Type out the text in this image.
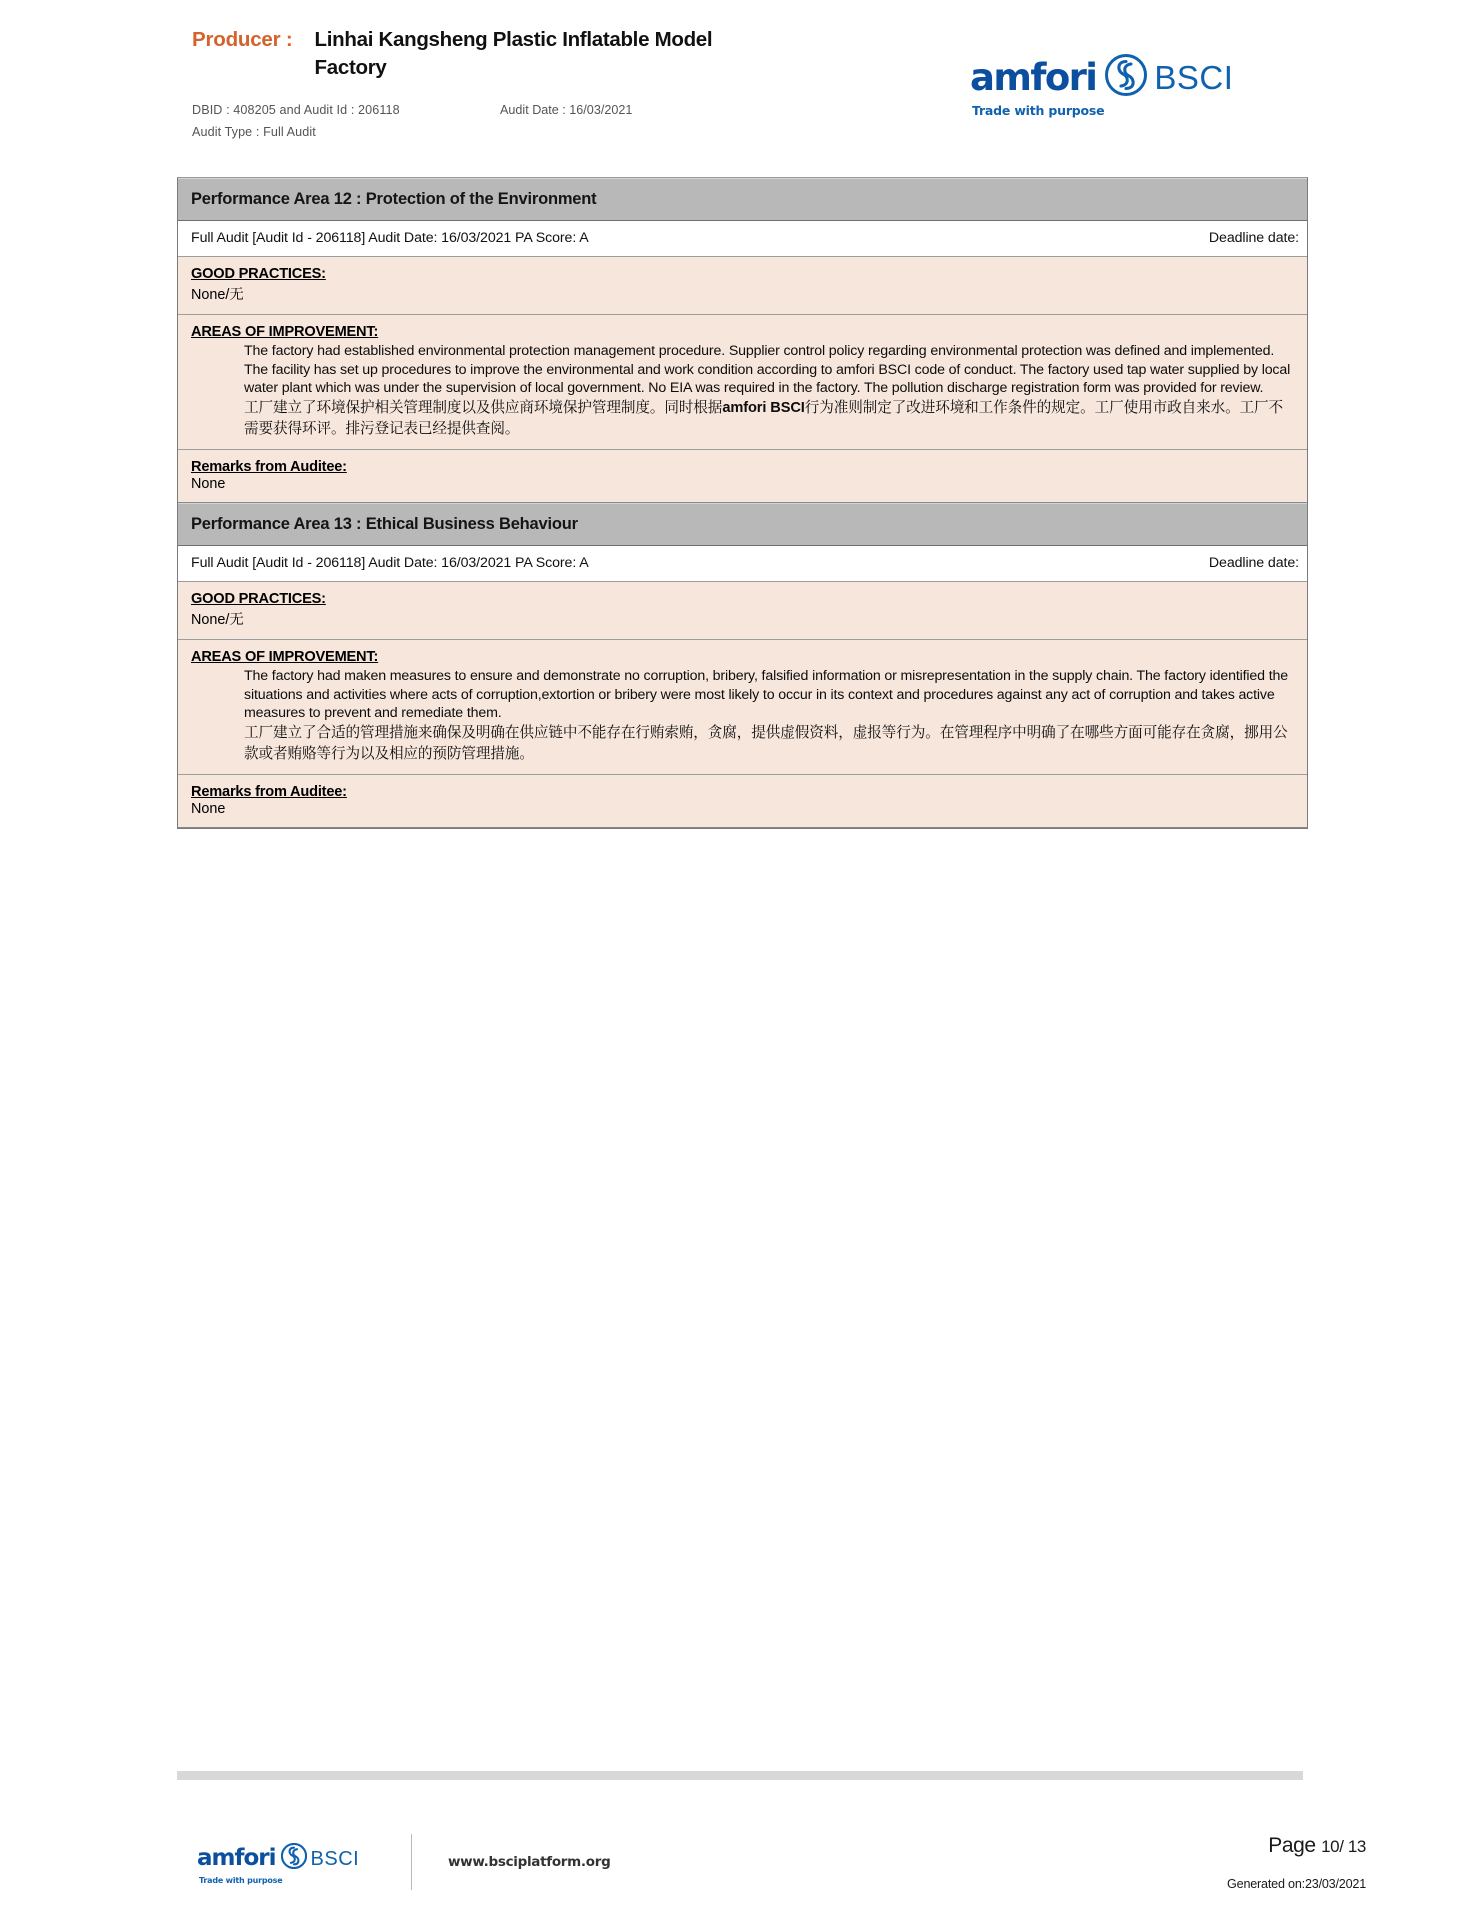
Producer : Linhai Kangsheng Plastic Inflatable Model Factory
DBID : 408205 and Audit Id : 206118	Audit Date : 16/03/2021
Audit Type : Full Audit
amfori BSCI
Trade with purpose
Performance Area 12 : Protection of the Environment
Full Audit [Audit Id - 206118] Audit Date: 16/03/2021 PA Score: A	Deadline date:
GOOD PRACTICES:
None/无
AREAS OF IMPROVEMENT:
The factory had established environmental protection management procedure. Supplier control policy regarding environmental protection was defined and implemented. The facility has set up procedures to improve the environmental and work condition according to amfori BSCI code of conduct. The factory used tap water supplied by local water plant which was under the supervision of local government. No EIA was required in the factory. The pollution discharge registration form was provided for review.
工厂建立了环境保护相关管理制度以及供应商环境保护管理制度。同时根据amfori BSCI行为准则制定了改进环境和工作条件的规定。工厂使用市政自来水。工厂不需要获得环评。排污登记表已经提供查阅。
Remarks from Auditee:
None
Performance Area 13 : Ethical Business Behaviour
Full Audit [Audit Id - 206118] Audit Date: 16/03/2021 PA Score: A	Deadline date:
GOOD PRACTICES:
None/无
AREAS OF IMPROVEMENT:
The factory had maken measures to ensure and demonstrate no corruption, bribery, falsified information or misrepresentation in the supply chain. The factory identified the situations and activities where acts of corruption,extortion or bribery were most likely to occur in its context and procedures against any act of corruption and takes active measures to prevent and remediate them.
工厂建立了合适的管理措施来确保及明确在供应链中不能存在行贿索贿，贪腐，提供虚假资料，虚报等行为。在管理程序中明确了在哪些方面可能存在贪腐，挪用公款或者贿赂等行为以及相应的预防管理措施。
Remarks from Auditee:
None
amfori BSCI
Trade with purpose
www.bsciplatform.org
Page 10/ 13
Generated on:23/03/2021
